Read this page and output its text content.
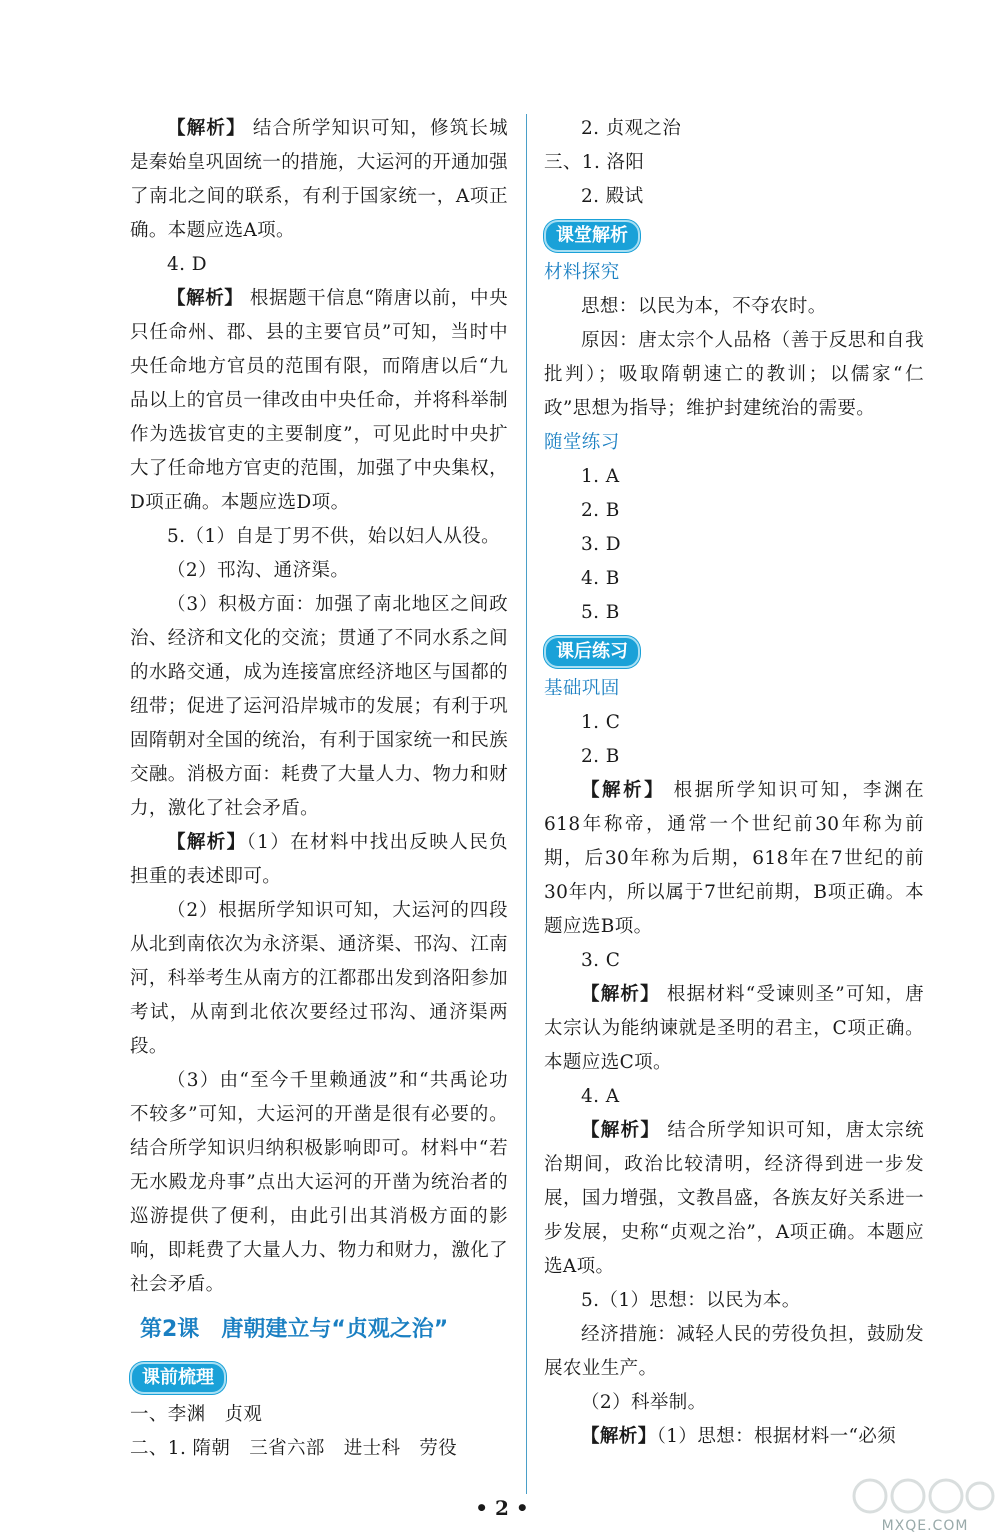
【解析】 结合所学知识可知，修筑长城是秦始皇巩固统一的措施，大运河的开通加强了南北之间的联系，有利于国家统一，A项正确。本题应选A项。

4. D

【解析】 根据题干信息“隋唐以前，中央只任命州、郡、县的主要官员”可知，当时中央任命地方官员的范围有限，而隋唐以后“九品以上的官员一律改由中央任命，并将科举制作为选拔官吏的主要制度”，可见此时中央扩大了任命地方官吏的范围，加强了中央集权，D项正确。本题应选D项。

5.（1）自是丁男不供，始以妇人从役。

（2）邗沟、通济渠。

（3）积极方面：加强了南北地区之间政治、经济和文化的交流；贯通了不同水系之间的水路交通，成为连接富庶经济地区与国都的纽带；促进了运河沿岸城市的发展；有利于巩固隋朝对全国的统治，有利于国家统一和民族交融。消极方面：耗费了大量人力、物力和财力，激化了社会矛盾。

【解析】（1）在材料中找出反映人民负担重的表述即可。

（2）根据所学知识可知，大运河的四段从北到南依次为永济渠、通济渠、邗沟、江南河，科举考生从南方的江都郡出发到洛阳参加考试，从南到北依次要经过邗沟、通济渠两段。

（3）由“至今千里赖通波”和“共禹论功不较多”可知，大运河的开凿是很有必要的。结合所学知识归纳积极影响即可。材料中“若无水殿龙舟事”点出大运河的开凿为统治者的巡游提供了便利，由此引出其消极方面的影响，即耗费了大量人力、物力和财力，激化了社会矛盾。

第2课 唐朝建立与“贞观之治”
课前梳理

一、李渊　贞观

二、1. 隋朝　三省六部　进士科　劳役

2. 贞观之治

三、1. 洛阳

2. 殿试

课堂解析

材料探究

思想：以民为本，不夺农时。

原因：唐太宗个人品格（善于反思和自我批判）；吸取隋朝速亡的教训；以儒家“仁政”思想为指导；维护封建统治的需要。

随堂练习

1. A

2. B

3. D

4. B

5. B

课后练习

基础巩固

1. C

2. B

【解析】 根据所学知识可知，李渊在618年称帝，通常一个世纪前30年称为前期，后30年称为后期，618年在7世纪的前30年内，所以属于7世纪前期，B项正确。本题应选B项。

3. C

【解析】 根据材料“受谏则圣”可知，唐太宗认为能纳谏就是圣明的君主，C项正确。本题应选C项。

4. A

【解析】 结合所学知识可知，唐太宗统治期间，政治比较清明，经济得到进一步发展，国力增强，文教昌盛，各族友好关系进一步发展，史称“贞观之治”，A项正确。本题应选A项。

5.（1）思想：以民为本。

经济措施：减轻人民的劳役负担，鼓励发展农业生产。

（2）科举制。

【解析】（1）思想：根据材料一“必须

• 2 •
MXQE.COM
